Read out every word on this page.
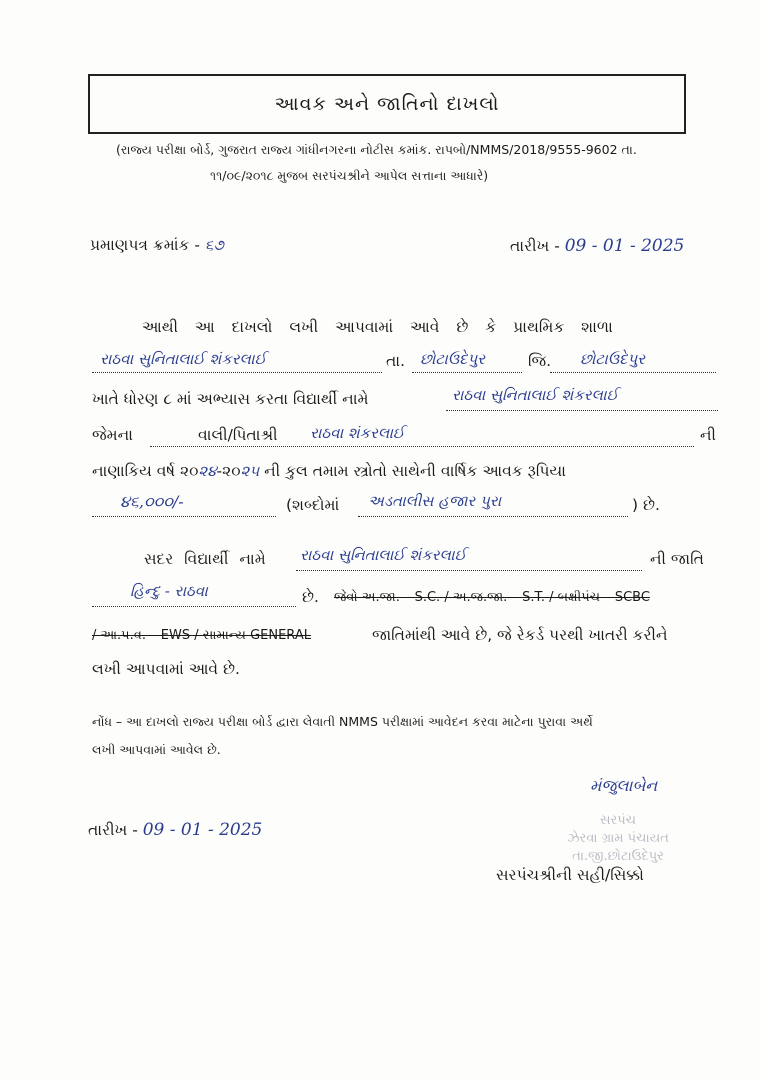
આવક અને જાતિનો દાખલો
(રાજ્ય પરીક્ષા બોર્ડ, ગુજરાત રાજ્ય ગાંધીનગરના નોટીસ કમાંક. રાપબો/NMMS/2018/9555-9602 તા.
૧૧/૦૯/૨૦૧૮ મુજબ સરપંચશ્રીને આપેલ સત્તાના આધારે)
પ્રમાણપત્ર ક્રમાંક - ૬૭	તારીખ - 09 - 01 - 2025
આથી આ દાખલો લખી આપવામાં આવે છે કે પ્રાથમિક શાળા
રાઠવા સુનિતાલાઈ શંકરલાઈ	તા. છોટાઉદેપુર	જિ. છોટાઉદેપુર
ખાતે ધોરણ ૮ માં અભ્યાસ કરતા વિદ્યાર્થી નામે	રાઠવા સુનિતાલાઈ શંકરલાઈ
જેમના	વાલી/પિતાશ્રી રાઠવા શંકરલાઈ	ની
નાણાકિય વર્ષ ૨૦૨૪-૨૦૨૫ ની કુલ તમામ સ્ત્રોતો સાથેની વાર્ષિક આવક રૂપિયા
૪૬,૦૦૦/-	(શબ્દોમાં અડતાલીસ હજાર પુરા	) છે.
સદર વિદ્યાર્થી નામે રાઠવા સુનિતાલાઈ શંકરલાઈ	ની જાતિ
હિન્દુ - રાઠવા	છે. જેવો અ.જા. – S.C. / અ.જ.જા. – S.T. / બક્ષીપંચ – SCBC
/ આ.પ.વ. – EWS / સામાન્ય GENERAL	જાતિમાંથી આવે છે, જે રેકર્ડ પરથી ખાતરી કરીને
લખી આપવામાં આવે છે.
નોંધ – આ દાખલો રાજ્ય પરીક્ષા બોર્ડ દ્વારા લેવાતી NMMS પરીક્ષામાં આવેદન કરવા માટેના પુરાવા અર્થે
લખી આપવામાં આવેલ છે.
મંજુલાબેન
સરપંચ
ઝેરવા ગ્રામ પંચાયત
તા.જી.છોટાઉદેપુર
તારીખ - 09 - 01 - 2025
સરપંચશ્રીની સહી/સિક્કો
